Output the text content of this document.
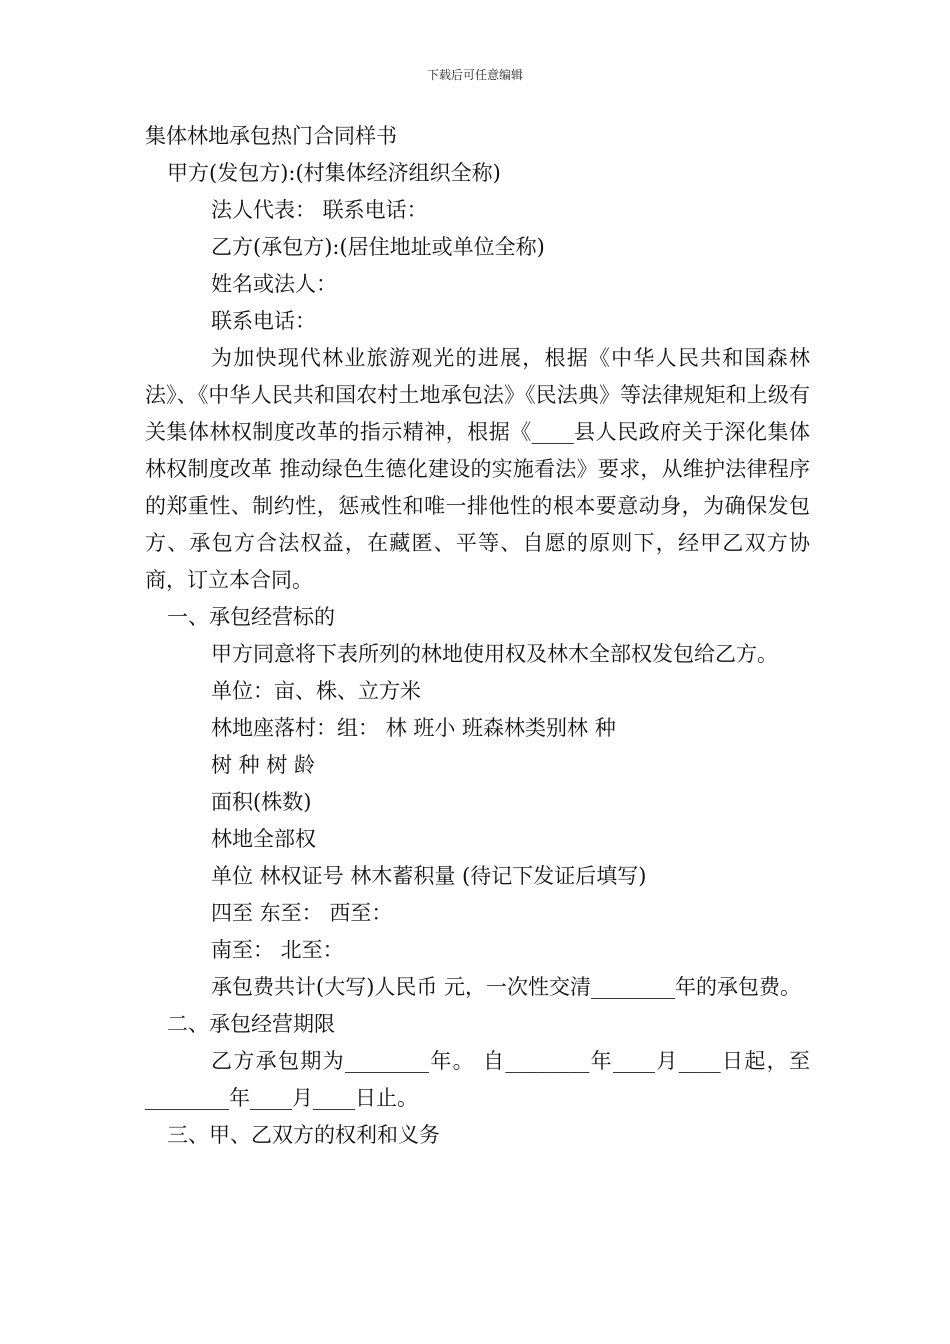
下载后可任意编辑

集体林地承包热门合同样书

甲方(发包方):(村集体经济组织全称)

法人代表： 联系电话：

乙方(承包方):(居住地址或单位全称)

姓名或法人：

联系电话：

为加快现代林业旅游观光的进展，根据《中华人民共和国森林法》、《中华人民共和国农村土地承包法》《民法典》等法律规矩和上级有关集体林权制度改革的指示精神，根据《____县人民政府关于深化集体林权制度改革 推动绿色生德化建设的实施看法》要求，从维护法律程序的郑重性、制约性，惩戒性和唯一排他性的根本要意动身，为确保发包方、承包方合法权益，在藏匿、平等、自愿的原则下，经甲乙双方协商，订立本合同。

一、承包经营标的

甲方同意将下表所列的林地使用权及林木全部权发包给乙方。

单位：亩、株、立方米

林地座落村：组： 林 班小 班森林类别林 种

树 种 树 龄

面积(株数)

林地全部权

单位 林权证号 林木蓄积量 (待记下发证后填写)

四至 东至： 西至：

南至： 北至：

承包费共计(大写)人民币 元，一次性交清________年的承包费。

二、承包经营期限

乙方承包期为________年。 自________年____月____日起，至________年____月____日止。

三、甲、乙双方的权利和义务
